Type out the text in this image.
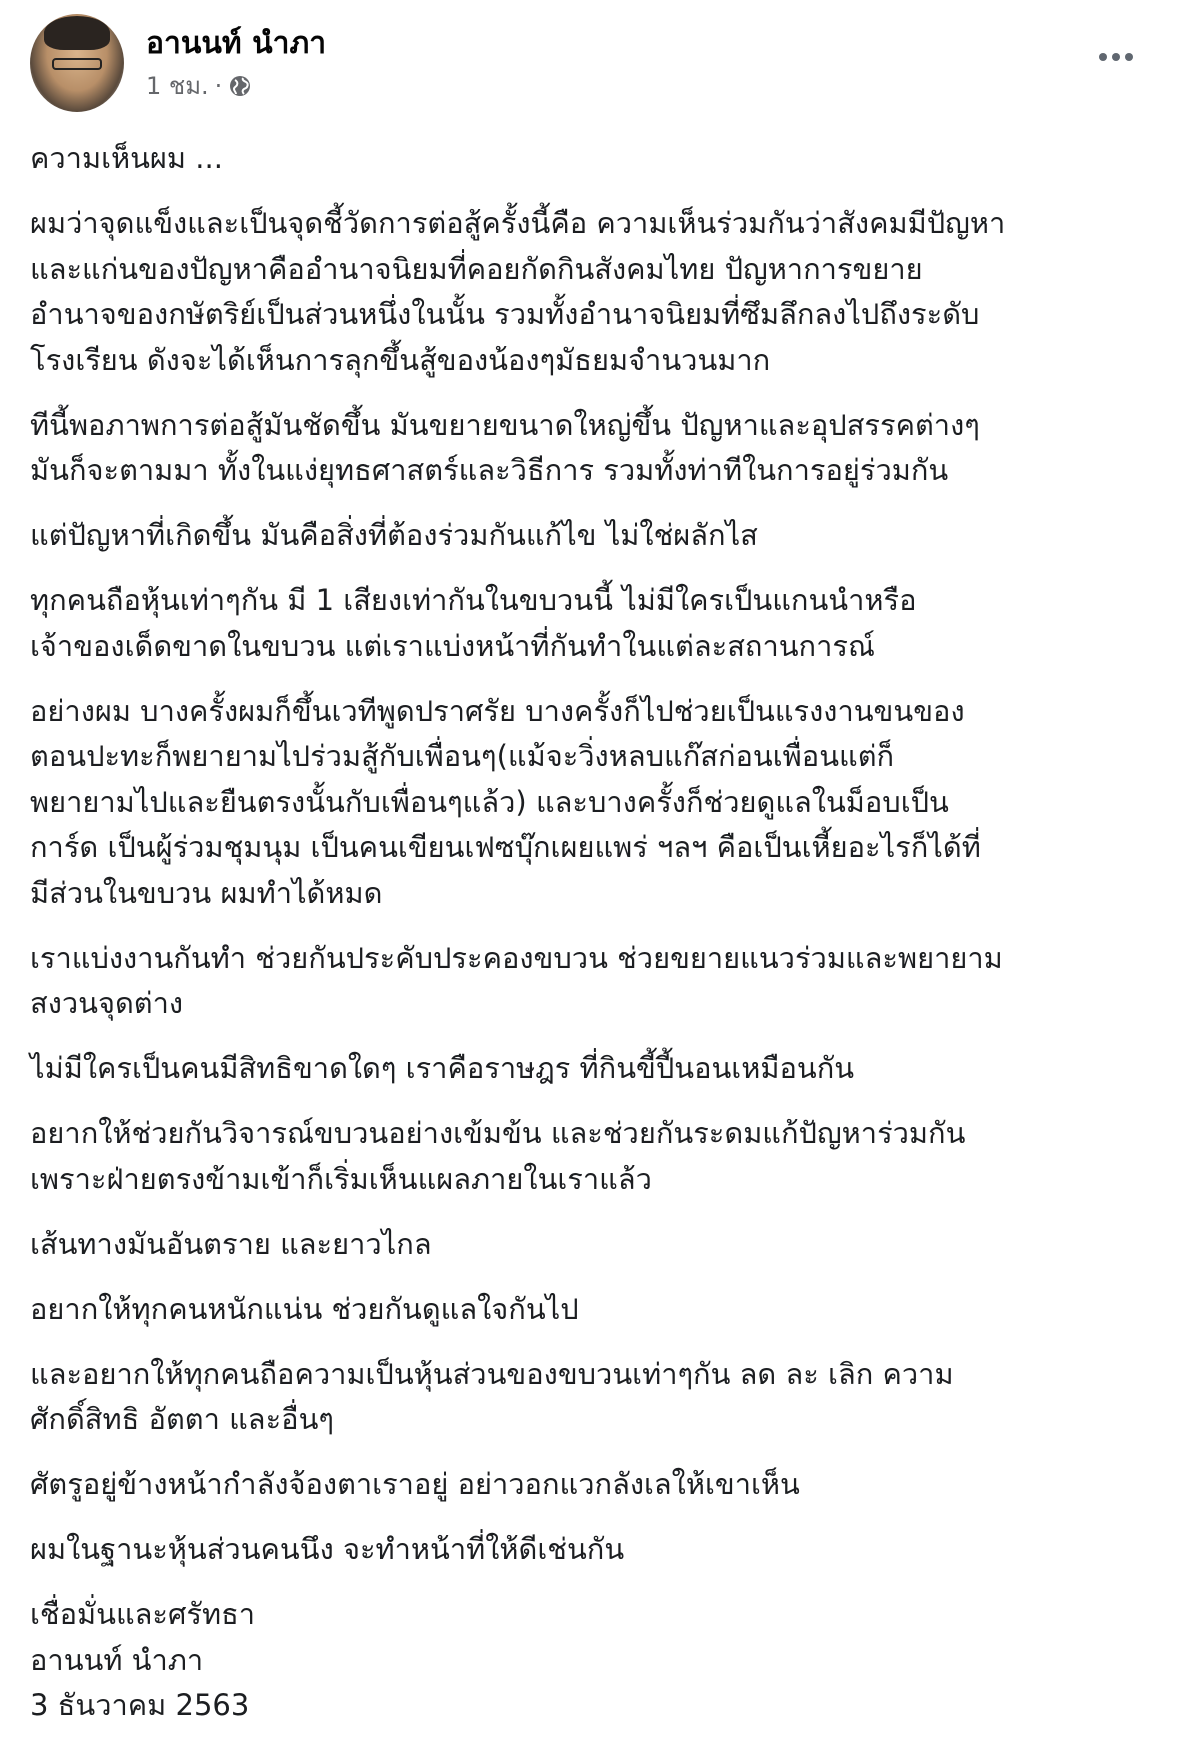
อานนท์ นำภา
1 ชม. ·
ความเห็นผม ...
ผมว่าจุดแข็งและเป็นจุดชี้วัดการต่อสู้ครั้งนี้คือ ความเห็นร่วมกันว่าสังคมมีปัญหา
และแก่นของปัญหาคืออำนาจนิยมที่คอยกัดกินสังคมไทย ปัญหาการขยาย
อำนาจของกษัตริย์เป็นส่วนหนึ่งในนั้น รวมทั้งอำนาจนิยมที่ซึมลึกลงไปถึงระดับ
โรงเรียน ดังจะได้เห็นการลุกขึ้นสู้ของน้องๆมัธยมจำนวนมาก
ทีนี้พอภาพการต่อสู้มันชัดขึ้น มันขยายขนาดใหญ่ขึ้น ปัญหาและอุปสรรคต่างๆ
มันก็จะตามมา ทั้งในแง่ยุทธศาสตร์และวิธีการ รวมทั้งท่าทีในการอยู่ร่วมกัน
แต่ปัญหาที่เกิดขึ้น มันคือสิ่งที่ต้องร่วมกันแก้ไข ไม่ใช่ผลักไส
ทุกคนถือหุ้นเท่าๆกัน มี 1 เสียงเท่ากันในขบวนนี้ ไม่มีใครเป็นแกนนำหรือ
เจ้าของเด็ดขาดในขบวน แต่เราแบ่งหน้าที่กันทำในแต่ละสถานการณ์
อย่างผม บางครั้งผมก็ขึ้นเวทีพูดปราศรัย บางครั้งก็ไปช่วยเป็นแรงงานขนของ
ตอนปะทะก็พยายามไปร่วมสู้กับเพื่อนๆ(แม้จะวิ่งหลบแก๊สก่อนเพื่อนแต่ก็
พยายามไปและยืนตรงนั้นกับเพื่อนๆแล้ว) และบางครั้งก็ช่วยดูแลในม็อบเป็น
การ์ด เป็นผู้ร่วมชุมนุม เป็นคนเขียนเฟซบุ๊กเผยแพร่ ฯลฯ คือเป็นเหี้ยอะไรก็ได้ที่
มีส่วนในขบวน ผมทำได้หมด
เราแบ่งงานกันทำ ช่วยกันประคับประคองขบวน ช่วยขยายแนวร่วมและพยายาม
สงวนจุดต่าง
ไม่มีใครเป็นคนมีสิทธิขาดใดๆ เราคือราษฎร ที่กินขี้ปี้นอนเหมือนกัน
อยากให้ช่วยกันวิจารณ์ขบวนอย่างเข้มข้น และช่วยกันระดมแก้ปัญหาร่วมกัน
เพราะฝ่ายตรงข้ามเข้าก็เริ่มเห็นแผลภายในเราแล้ว
เส้นทางมันอันตราย และยาวไกล
อยากให้ทุกคนหนักแน่น ช่วยกันดูแลใจกันไป
และอยากให้ทุกคนถือความเป็นหุ้นส่วนของขบวนเท่าๆกัน ลด ละ เลิก ความ
ศักดิ์สิทธิ อัตตา และอื่นๆ
ศัตรูอยู่ข้างหน้ากำลังจ้องตาเราอยู่ อย่าวอกแวกลังเลให้เขาเห็น
ผมในฐานะหุ้นส่วนคนนึง จะทำหน้าที่ให้ดีเช่นกัน
เชื่อมั่นและศรัทธา
อานนท์ นำภา
3 ธันวาคม 2563
